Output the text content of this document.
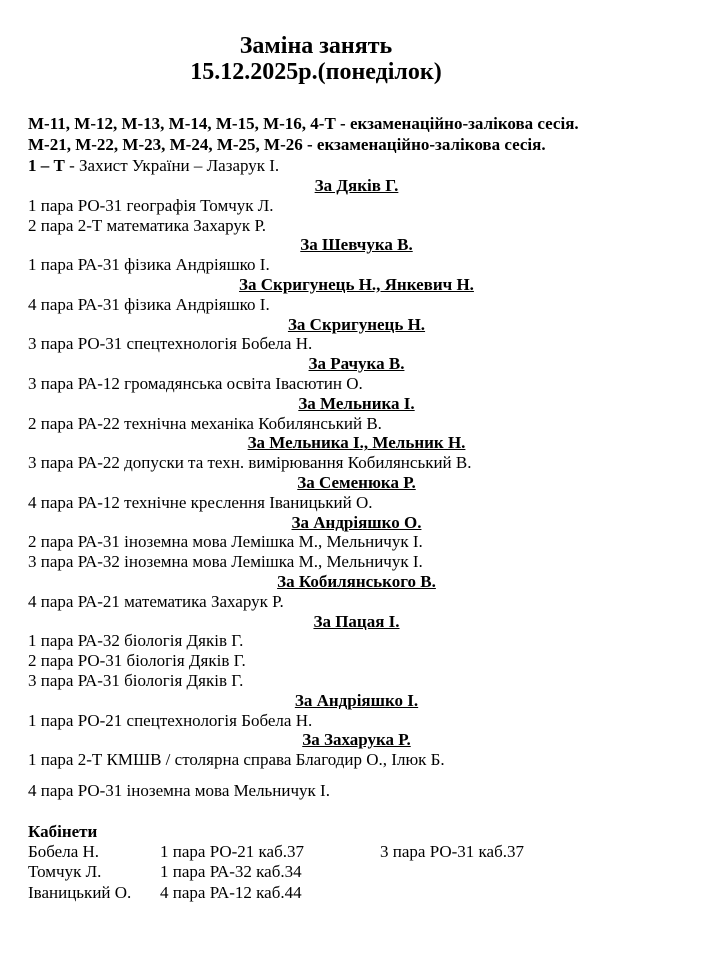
Заміна занять
15.12.2025р.(понеділок)
М-11, М-12, М-13, М-14, М-15, М-16, 4-Т - екзаменаційно-залікова сесія.
М-21, М-22, М-23, М-24, М-25, М-26 - екзаменаційно-залікова сесія.
1 – Т - Захист України – Лазарук І.
За Дяків Г.
1 пара РО-31 географія Томчук Л.
2 пара 2-Т математика Захарук Р.
За Шевчука В.
1 пара РА-31 фізика Андріяшко І.
За Скригунець Н., Янкевич Н.
4 пара РА-31 фізика Андріяшко І.
За Скригунець Н.
3 пара РО-31 спецтехнологія Бобела Н.
За Рачука В.
3 пара РА-12 громадянська освіта Івасютин О.
За Мельника І.
2 пара РА-22 технічна механіка Кобилянський В.
За Мельника І., Мельник Н.
3 пара РА-22 допуски та техн. вимірювання Кобилянський В.
За Семенюка Р.
4 пара РА-12 технічне креслення Іваницький О.
За Андріяшко О.
2 пара РА-31 іноземна мова Лемішка М., Мельничук І.
3 пара РА-32 іноземна мова Лемішка М., Мельничук І.
За Кобилянського В.
4 пара РА-21 математика Захарук Р.
За Пацая І.
1 пара РА-32 біологія Дяків Г.
2 пара РО-31 біологія Дяків Г.
3 пара РА-31 біологія Дяків Г.
За Андріяшко І.
1 пара РО-21 спецтехнологія Бобела Н.
За Захарука Р.
1 пара 2-Т КМШВ / столярна справа Благодир О., Ілюк Б.
4 пара РО-31 іноземна мова Мельничук І.
Кабінети
Бобела Н.	1 пара РО-21 каб.37	3 пара РО-31 каб.37
Томчук Л.	1 пара РА-32 каб.34
Іваницький О. 4 пара РА-12 каб.44
